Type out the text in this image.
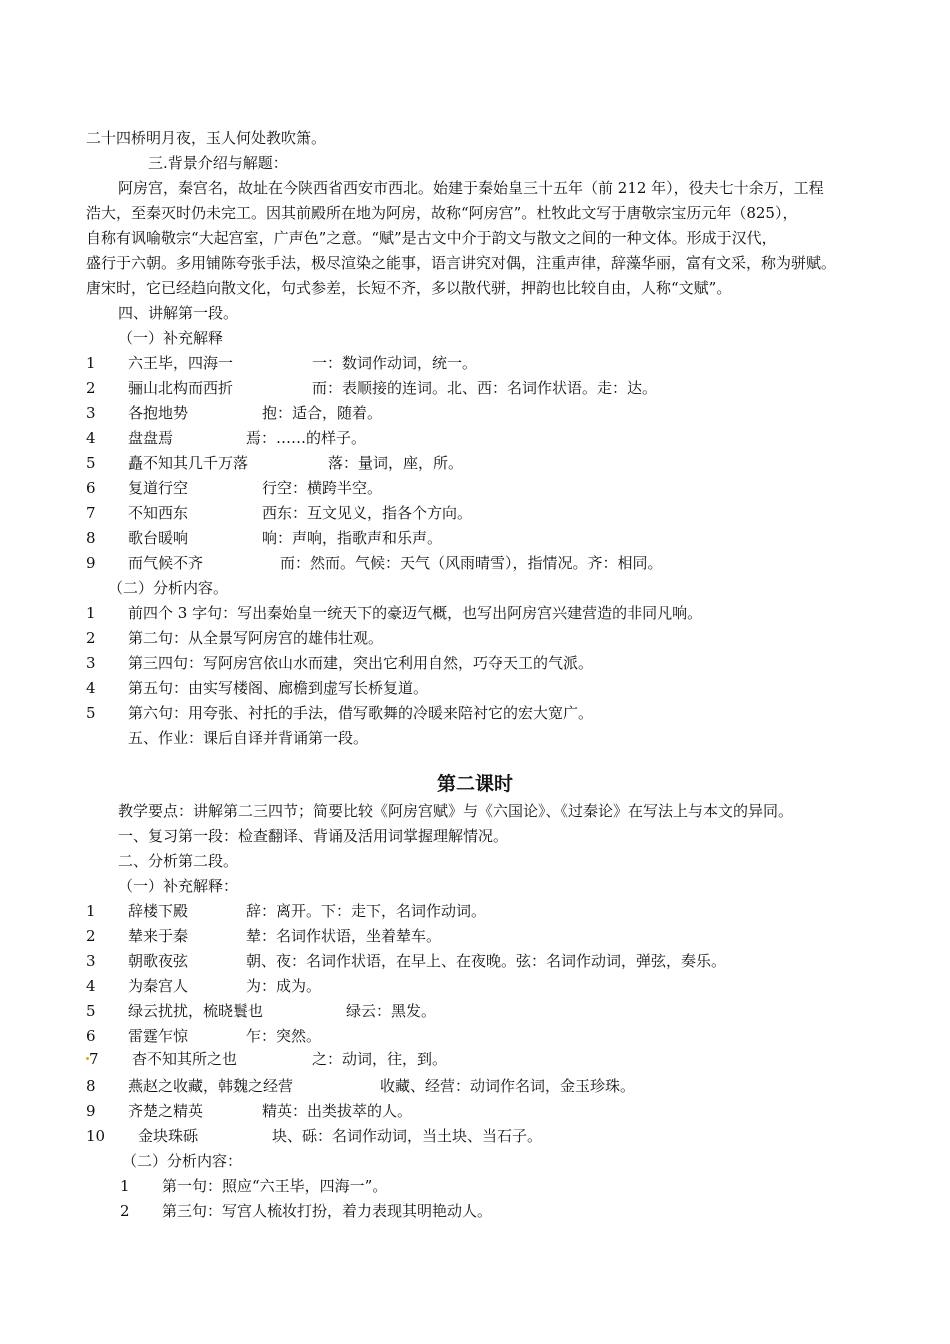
二十四桥明月夜，玉人何处教吹箫。
三.背景介绍与解题：
阿房宫，秦宫名，故址在今陕西省西安市西北。始建于秦始皇三十五年（前 212 年），役夫七十余万，工程
浩大，至秦灭时仍未完工。因其前殿所在地为阿房，故称“阿房宫”。杜牧此文写于唐敬宗宝历元年（825），
自称有讽喻敬宗“大起宫室，广声色”之意。“赋”是古文中介于韵文与散文之间的一种文体。形成于汉代，
盛行于六朝。多用铺陈夸张手法，极尽渲染之能事，语言讲究对偶，注重声律，辞藻华丽，富有文采，称为骈赋。
唐宋时，它已经趋向散文化，句式参差，长短不齐，多以散代骈，押韵也比较自由，人称“文赋”。
四、讲解第一段。
（一）补充解释
1 六王毕，四海一	一：数词作动词，统一。
2 骊山北构而西折	而：表顺接的连词。北、西：名词作状语。走：达。
3 各抱地势	抱：适合，随着。
4 盘盘焉	焉：……的样子。
5 矗不知其几千万落	落：量词，座，所。
6 复道行空	行空：横跨半空。
7 不知西东	西东：互文见义，指各个方向。
8 歌台暖响	响：声响，指歌声和乐声。
9 而气候不齐	而：然而。气候：天气（风雨晴雪），指情况。齐：相同。
（二）分析内容。
1 前四个 3 字句：写出秦始皇一统天下的豪迈气概，也写出阿房宫兴建营造的非同凡响。
2 第二句：从全景写阿房宫的雄伟壮观。
3 第三四句：写阿房宫依山水而建，突出它利用自然，巧夺天工的气派。
4 第五句：由实写楼阁、廊檐到虚写长桥复道。
5 第六句：用夸张、衬托的手法，借写歌舞的冷暖来陪衬它的宏大宽广。
五、作业：课后自译并背诵第一段。
第二课时
教学要点：讲解第二三四节；简要比较《阿房宫赋》与《六国论》、《过秦论》在写法上与本文的异同。
一、复习第一段：检查翻译、背诵及活用词掌握理解情况。
二、分析第二段。
（一）补充解释：
1 辞楼下殿	辞：离开。下：走下，名词作动词。
2 辇来于秦	辇：名词作状语，坐着辇车。
3 朝歌夜弦	朝、夜：名词作状语，在早上、在夜晚。弦：名词作动词，弹弦，奏乐。
4 为秦宫人	为：成为。
5 绿云扰扰，梳晓鬟也	绿云：黑发。
6 雷霆乍惊	乍：突然。
7 杳不知其所之也	之：动词，往，到。
8 燕赵之收藏，韩魏之经营	收藏、经营：动词作名词，金玉珍珠。
9 齐楚之精英	精英：出类拔萃的人。
10 金块珠砾	块、砾：名词作动词，当土块、当石子。
（二）分析内容：
1 第一句：照应“六王毕，四海一”。
2 第三句：写宫人梳妆打扮，着力表现其明艳动人。
